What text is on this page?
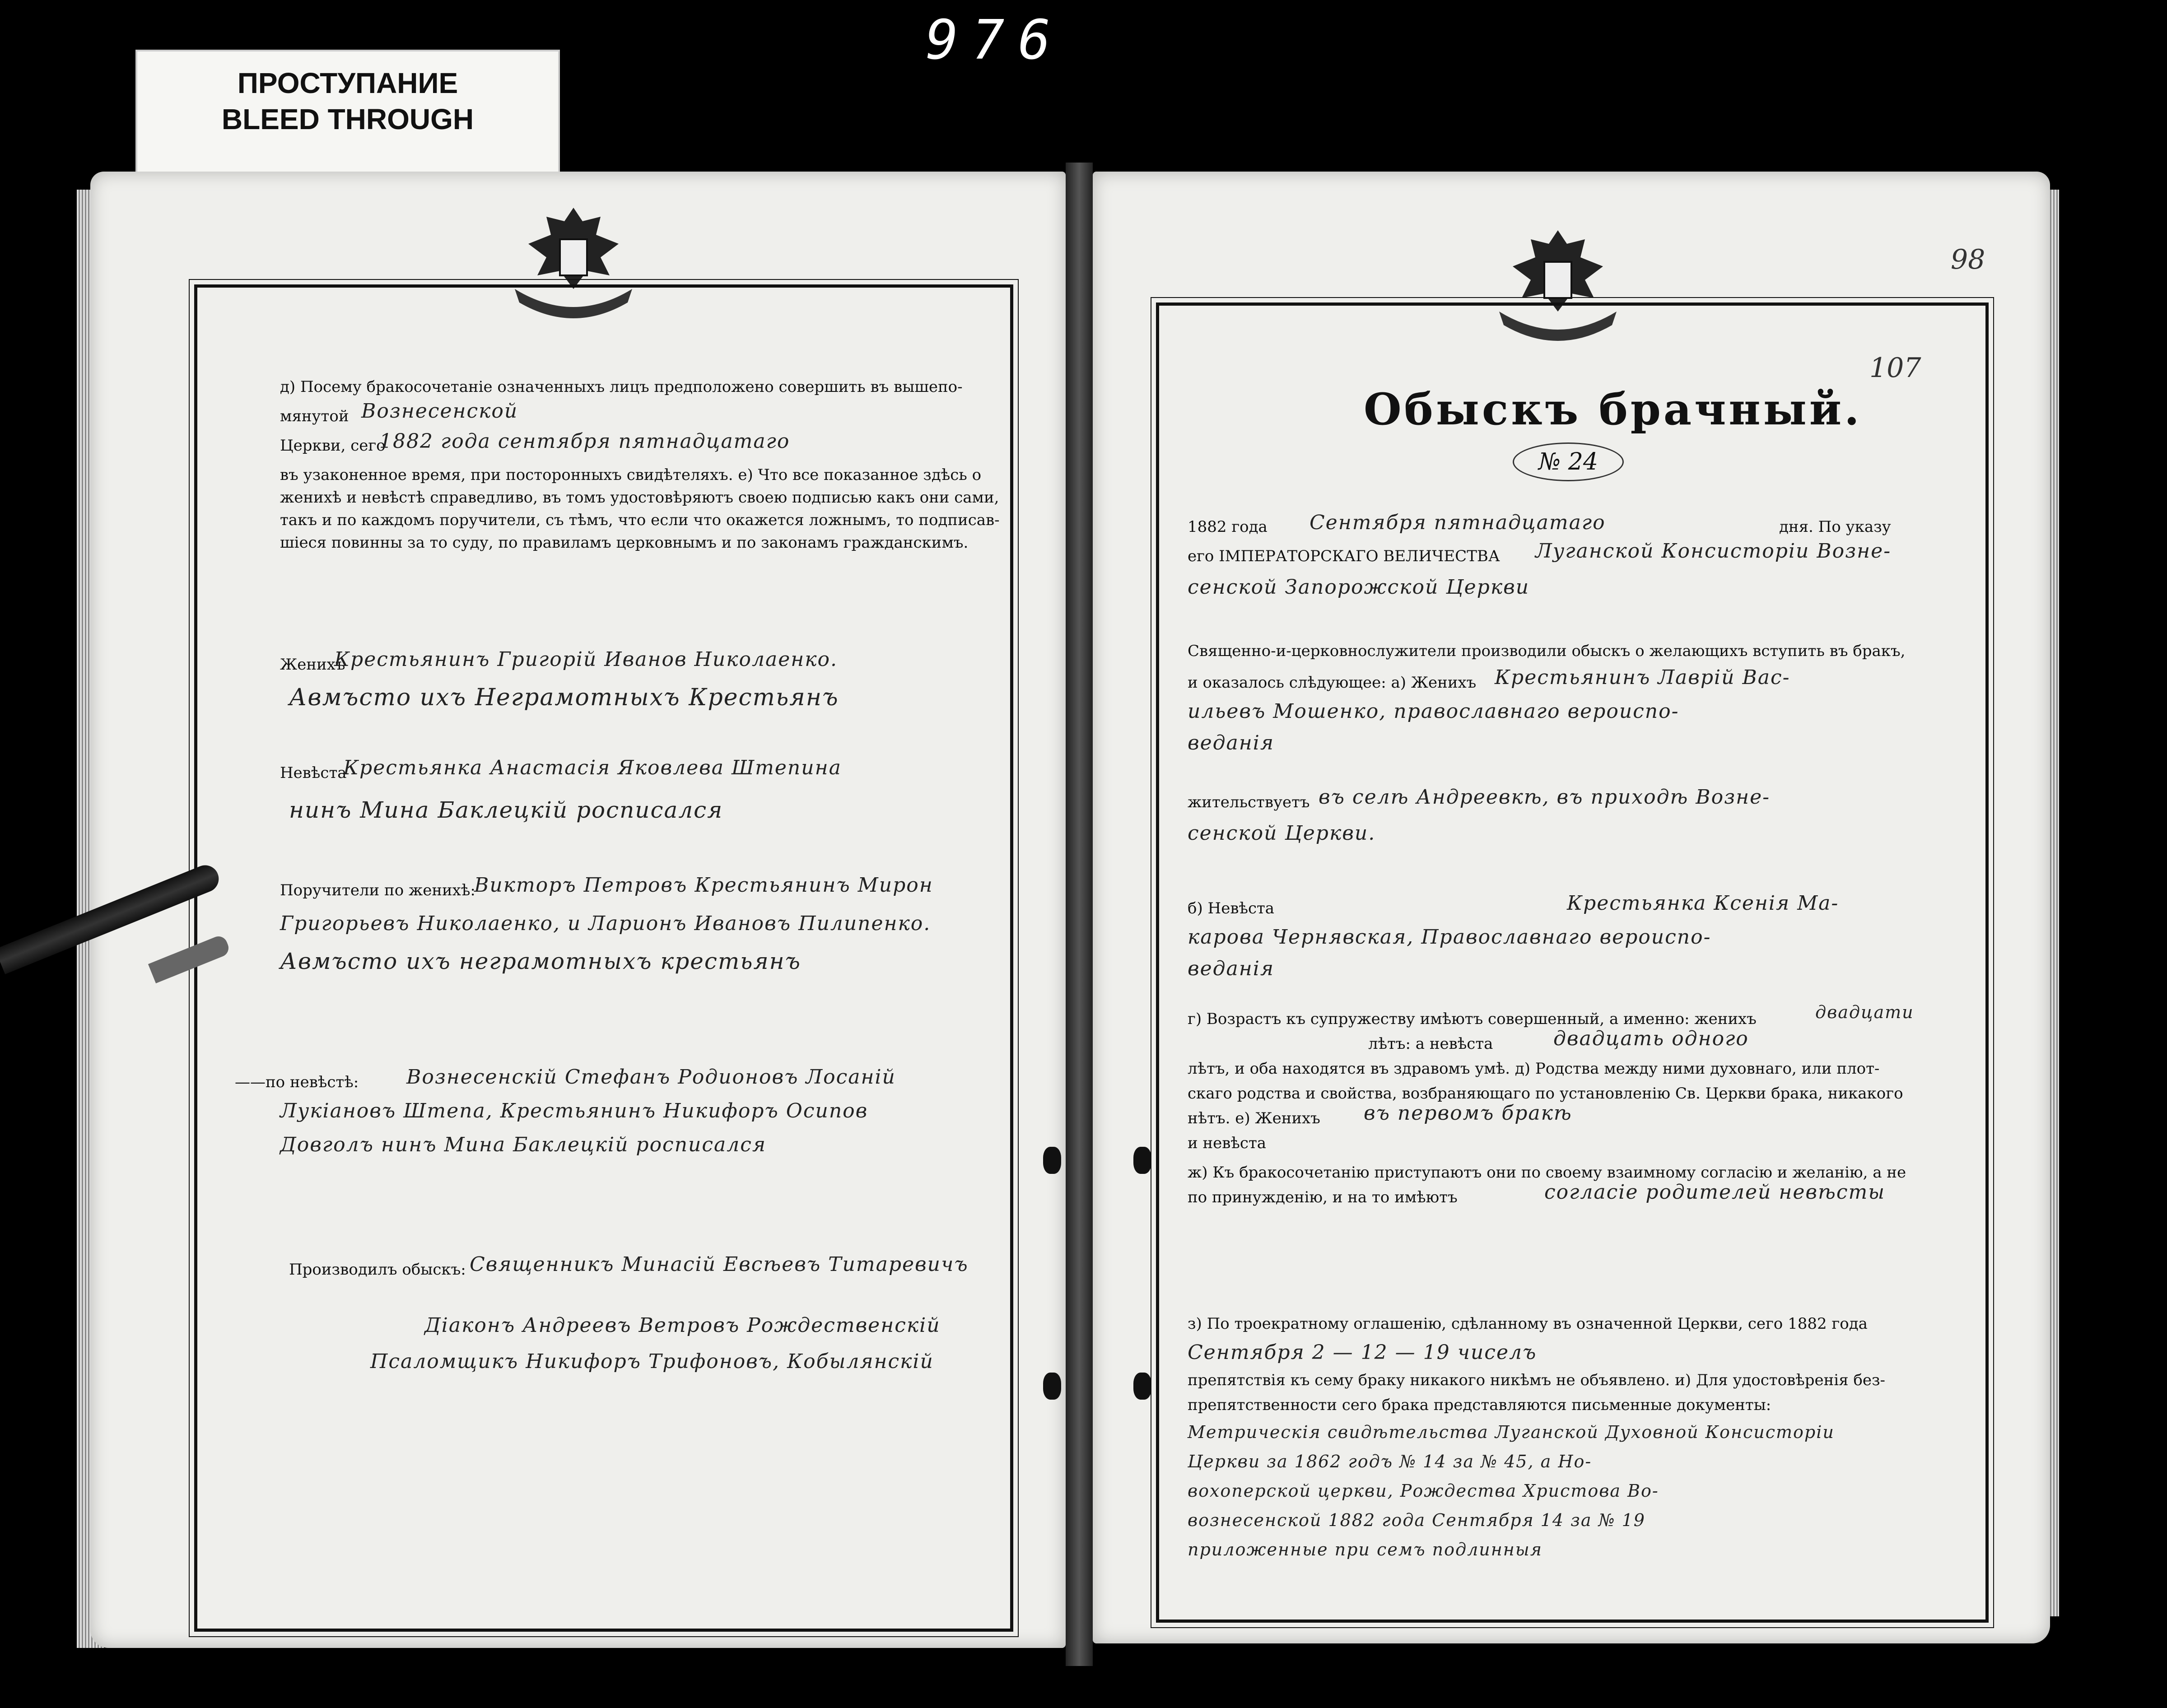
976
ПРОСТУПАНИЕ
BLEED THROUGH
д) Посему бракосочетаніе означенныхъ лицъ предположено совершить въ вышепо-
мянутой Вознесенской
Церкви, сего
1882 года сентября пятнадцатаго
въ узаконенное время, при посторонныхъ свидѣтеляхъ. е) Что все показанное здѣсь о
женихѣ и невѣстѣ справедливо, въ томъ удостовѣряютъ своею подписью какъ они сами,
такъ и по каждомъ поручители, съ тѣмъ, что если что окажется ложнымъ, то подписав-
шiеся повинны за то суду, по правиламъ церковнымъ и по законамъ гражданскимъ.
Женихъ
Крестьянинъ Григорiй Иванов Николаенко.
Авмъсто ихъ Неграмотныхъ Крестьянъ
Невѣста
Крестьянка Анастасiя Яковлева Штепина
нинъ Мина Баклецкiй росписался
Поручители по женихѣ:
Викторъ Петровъ Крестьянинъ Мирон
Григорьевъ Николаенко, и Ларионъ Ивановъ Пилипенко.
Авмъсто ихъ неграмотныхъ крестьянъ
——по невѣстѣ: Вознесенскiй Стефанъ Родионовъ Лосанiй
Лукiановъ Штепа, Крестьянинъ Никифоръ Осипов
Довголъ нинъ Мина Баклецкiй росписался
Производилъ обыскъ: Священникъ Минасiй Евсѣевъ Титаревичъ
Діаконъ Андреевъ Ветровъ Рождественскiй
Псаломщикъ Никифоръ Трифоновъ, Кобылянскiй
98
107
Обыскъ брачный.
№ 24
1882 года Сентября пятнадцатаго	дня. По указу
его ІМПЕРАТОРСКАГО ВЕЛИЧЕСТВА Луганской Консисторiи Возне-
сенской Запорожской Церкви
Священно-и-церковнослужители производили обыскъ о желающихъ вступить въ бракъ,
и оказалось слѣдующее: а) Женихъ Крестьянинъ Лаврiй Вас-
ильевъ Мошенко, православнаго вероиспо-
веданiя
жительствуетъ въ селѣ Андреевкѣ, въ приходѣ Возне-
сенской Церкви.
б) Невѣста	Крестьянка Ксенiя Ма-
карова Чернявская, Православнаго вероиспо-
веданiя
г) Возрастъ къ супружеству имѣютъ совершенный, а именно: женихъ	двадцати
лѣтъ: а невѣста	двадцать одного
лѣтъ, и оба находятся въ здравомъ умѣ. д) Родства между ними духовнаго, или плот-
скаго родства и свойства, возбраняющаго по установленію Св. Церкви брака, никакого
нѣтъ. е) Женихъ въ первомъ бракѣ
и невѣста
ж) Къ бракосочетанію приступаютъ они по своему взаимному согласію и желанію, а не
по принужденію, и на то имѣютъ	согласiе родителей невѣсты
з) По троекратному оглашенію, сдѣланному въ означенной Церкви, сего 1882 года
Сентября 2 — 12 — 19 чиселъ
препятствія къ сему браку никакого никѣмъ не объявлено. и) Для удостовѣренія без-
препятственности сего брака представляются письменные документы:
Метрическiя свидѣтельства Луганской Духовной Консисторiи
Церкви за 1862 годъ № 14 за № 45, а Но-
вохоперской церкви, Рождества Христова Во-
вознесенской 1882 года Сентября 14 за № 19
приложенные при семъ подлинныя
